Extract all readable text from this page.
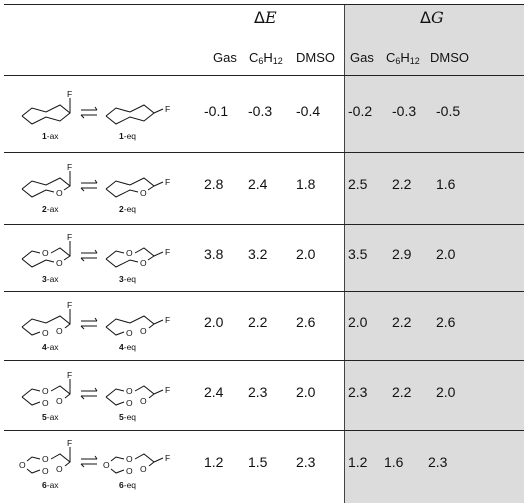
ΔE	ΔG
Gas $C_6H_{12}$ DMSO Gas $C_6H_{12}$ DMSO
F
F
1-ax	1-eq
-0.1 -0.3 -0.4 -0.2 -0.3 -0.5
O	O
F
F
2-ax	2-eq
2.8 2.4 1.8 2.5 2.2 1.6
O
O
O
O
F
F
3-ax	3-eq
3.8 3.2 2.0 3.5 2.9 2.0
O O	O O
F
F
4-ax	4-eq
2.0 2.2 2.6 2.0 2.2 2.6
O
O O
O
O O
F
F
5-ax	5-eq
2.4 2.3 2.0 2.3 2.2 2.0
O
O
O O	O
O
O O
F
F
6-ax	6-eq
1.2 1.5 2.3 1.2 1.6 2.3
